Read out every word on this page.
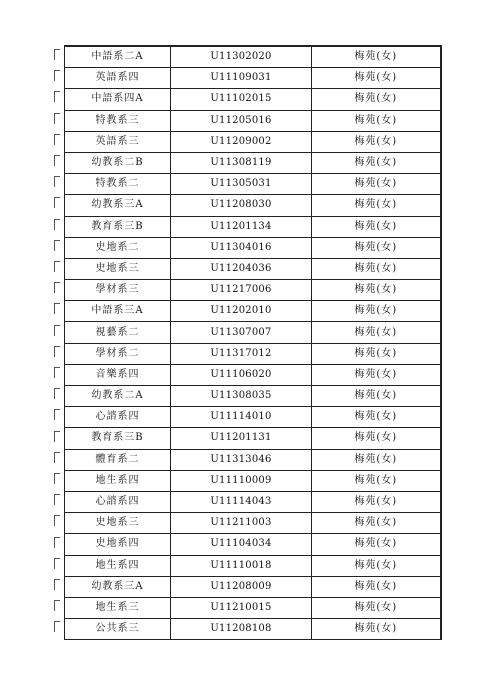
中語系二A	U11302020	梅苑(女)
英語系四	U11109031	梅苑(女)
中語系四A	U11102015	梅苑(女)
特教系三	U11205016	梅苑(女)
英語系三	U11209002	梅苑(女)
幼教系二B	U11308119	梅苑(女)
特教系二	U11305031	梅苑(女)
幼教系三A	U11208030	梅苑(女)
教育系三B	U11201134	梅苑(女)
史地系二	U11304016	梅苑(女)
史地系三	U11204036	梅苑(女)
學材系三	U11217006	梅苑(女)
中語系三A	U11202010	梅苑(女)
視藝系二	U11307007	梅苑(女)
學材系二	U11317012	梅苑(女)
音樂系四	U11106020	梅苑(女)
幼教系二A	U11308035	梅苑(女)
心諮系四	U11114010	梅苑(女)
教育系三B	U11201131	梅苑(女)
體育系二	U11313046	梅苑(女)
地生系四	U11110009	梅苑(女)
心諮系四	U11114043	梅苑(女)
史地系三	U11211003	梅苑(女)
史地系四	U11104034	梅苑(女)
地生系四	U11110018	梅苑(女)
幼教系三A	U11208009	梅苑(女)
地生系三	U11210015	梅苑(女)
公共系三	U11208108	梅苑(女)
